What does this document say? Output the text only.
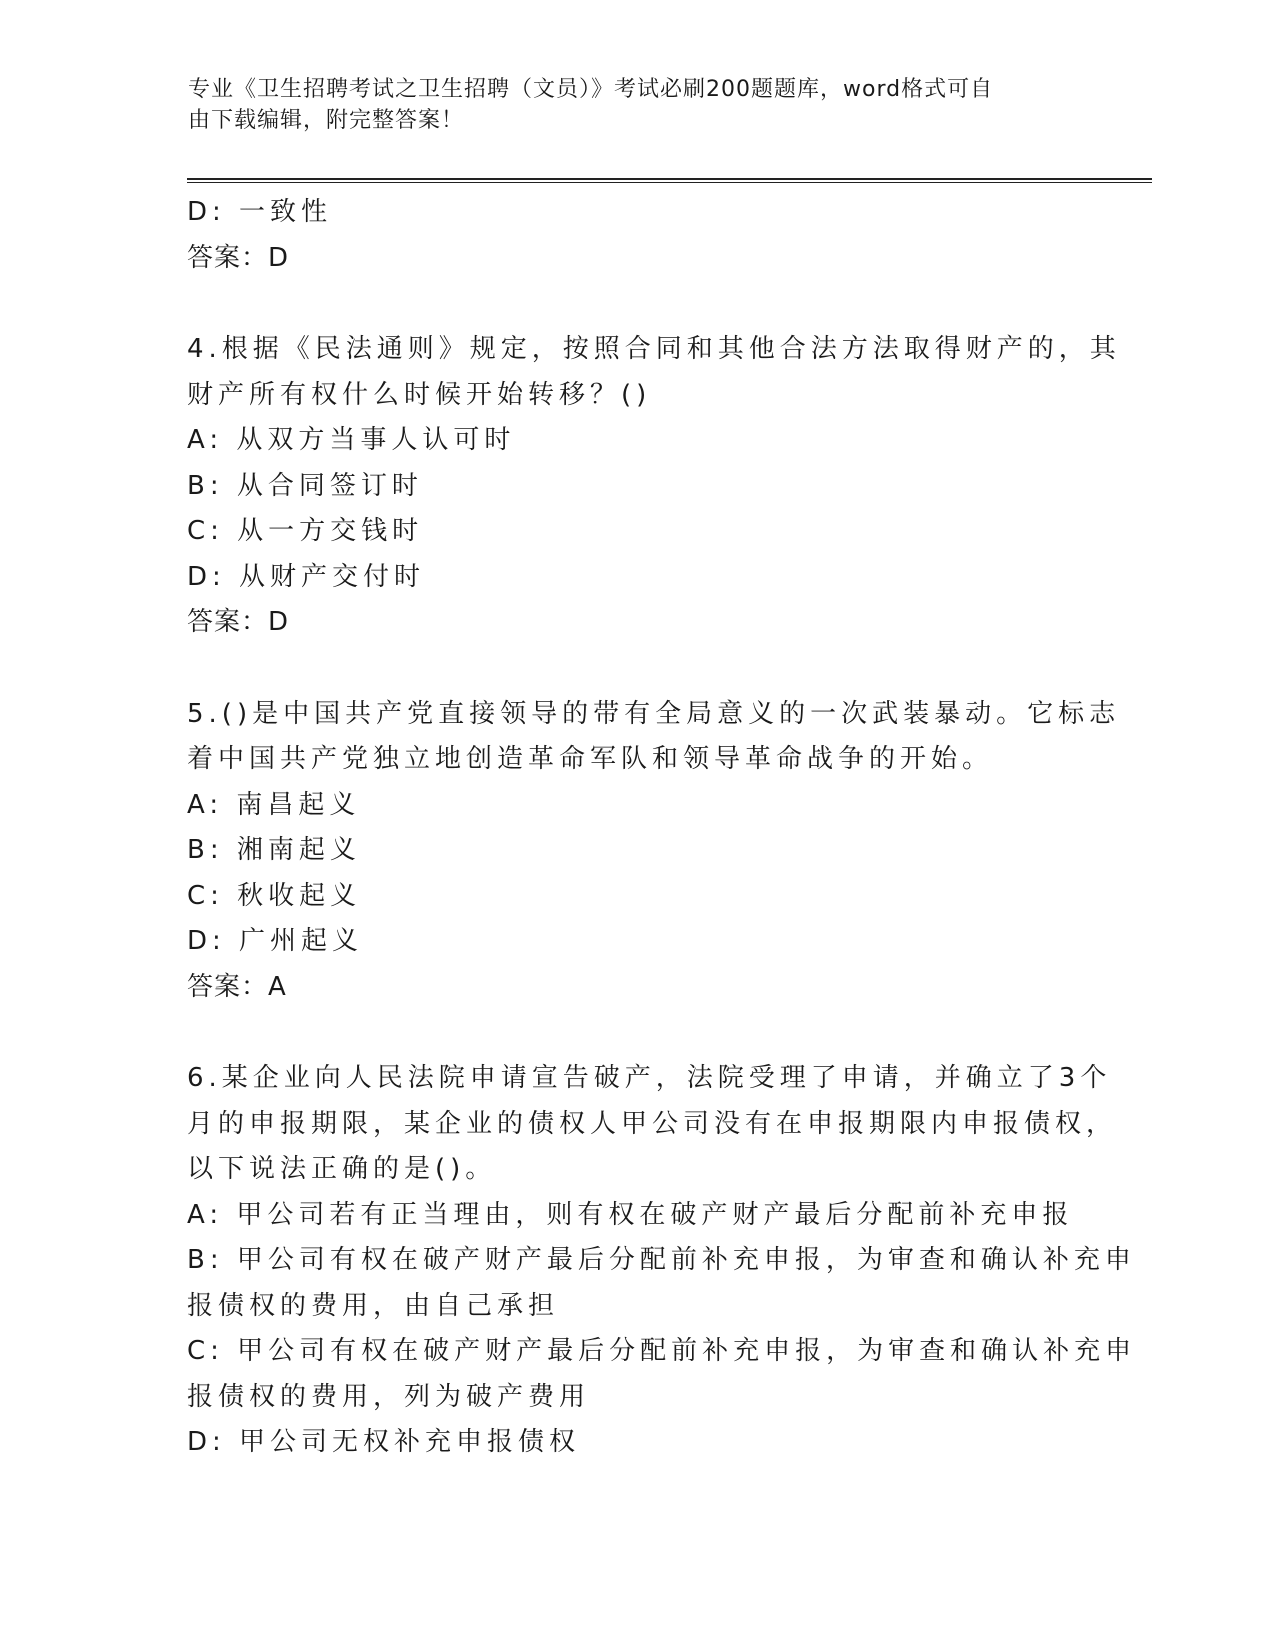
专业《卫生招聘考试之卫生招聘（文员）》考试必刷200题题库，word格式可自
由下载编辑，附完整答案！
D: 一致性
答案：D
4.根据《民法通则》规定，按照合同和其他合法方法取得财产的，其
财产所有权什么时候开始转移？()
A: 从双方当事人认可时
B: 从合同签订时
C: 从一方交钱时
D: 从财产交付时
答案：D
5.()是中国共产党直接领导的带有全局意义的一次武装暴动。它标志
着中国共产党独立地创造革命军队和领导革命战争的开始。
A: 南昌起义
B: 湘南起义
C: 秋收起义
D: 广州起义
答案：A
6.某企业向人民法院申请宣告破产，法院受理了申请，并确立了3个
月的申报期限，某企业的债权人甲公司没有在申报期限内申报债权，
以下说法正确的是()。
A: 甲公司若有正当理由，则有权在破产财产最后分配前补充申报
B: 甲公司有权在破产财产最后分配前补充申报，为审查和确认补充申
报债权的费用，由自己承担
C: 甲公司有权在破产财产最后分配前补充申报，为审查和确认补充申
报债权的费用，列为破产费用
D: 甲公司无权补充申报债权
